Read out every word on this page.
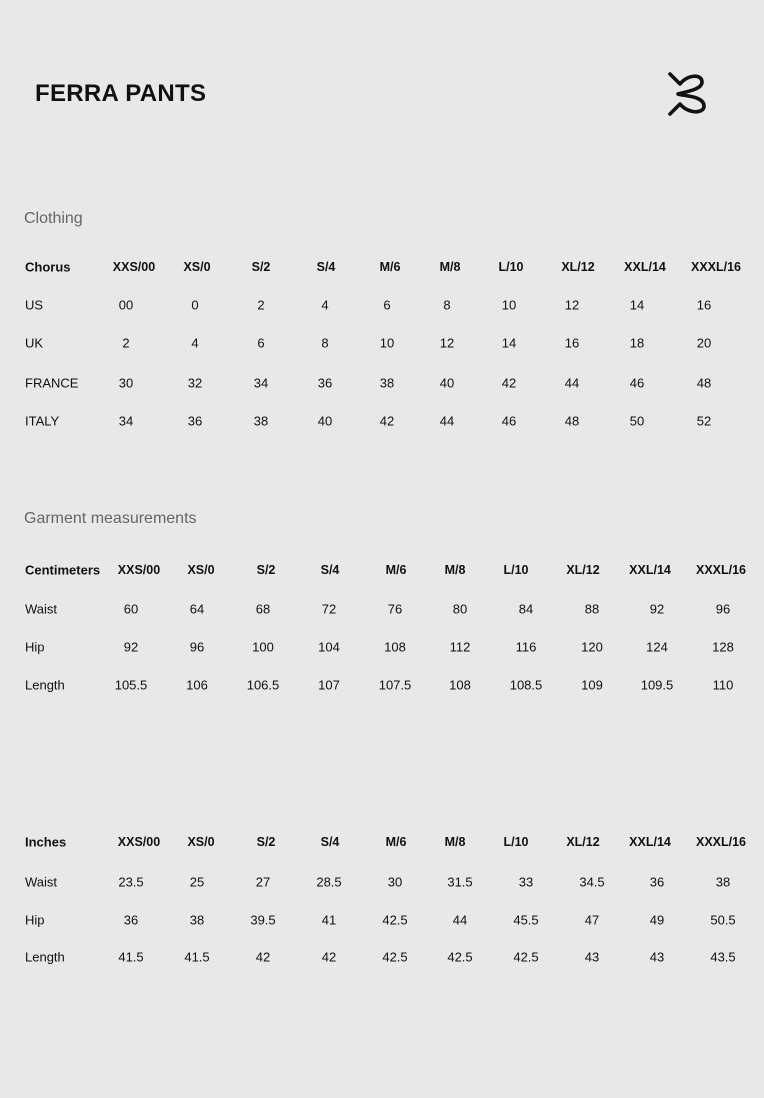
FERRA PANTS
Clothing
Chorus	XXS/00	XS/0	S/2	S/4	M/6	M/8	L/10	XL/12	XXL/14	XXXL/16
US	00	0	2	4	6	8	10	12	14	16
UK	2	4	6	8	10	12	14	16	18	20
FRANCE	30	32	34	36	38	40	42	44	46	48
ITALY	34	36	38	40	42	44	46	48	50	52
Garment measurements
Centimeters	XXS/00	XS/0	S/2	S/4	M/6	M/8	L/10	XL/12	XXL/14	XXXL/16
Waist	60	64	68	72	76	80	84	88	92	96
Hip	92	96	100	104	108	112	116	120	124	128
Length	105.5	106	106.5	107	107.5	108	108.5	109	109.5	110
Inches	XXS/00	XS/0	S/2	S/4	M/6	M/8	L/10	XL/12	XXL/14	XXXL/16
Waist	23.5	25	27	28.5	30	31.5	33	34.5	36	38
Hip	36	38	39.5	41	42.5	44	45.5	47	49	50.5
Length	41.5	41.5	42	42	42.5	42.5	42.5	43	43	43.5
